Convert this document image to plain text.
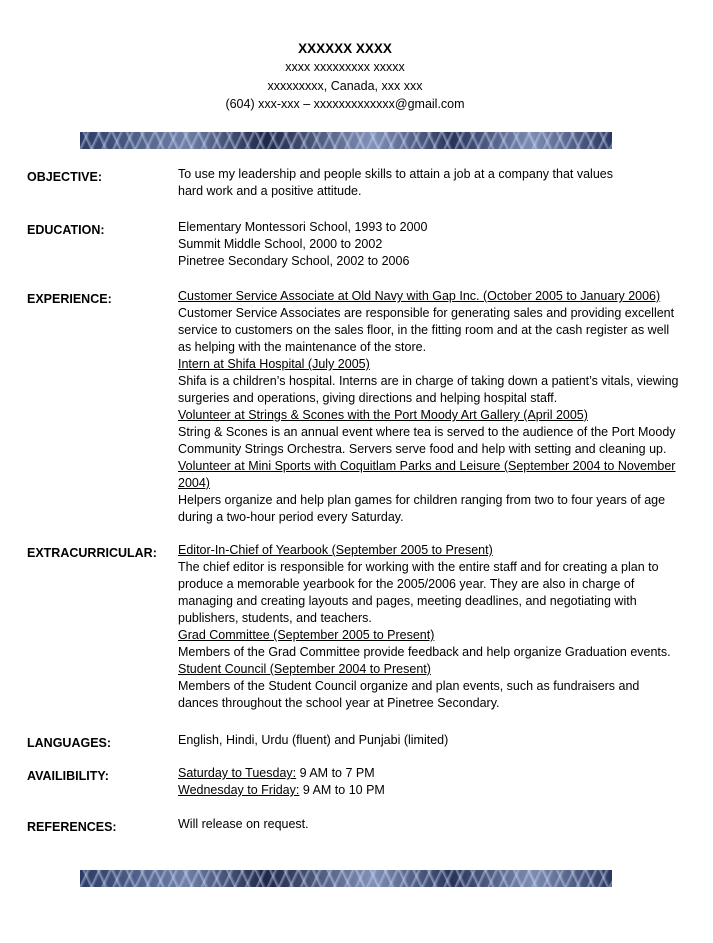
XXXXXX XXXX
xxxx xxxxxxxxx xxxxx
xxxxxxxxx, Canada, xxx xxx
(604) xxx-xxx – xxxxxxxxxxxxx@gmail.com
OBJECTIVE:	To use my leadership and people skills to attain a job at a company that values
hard work and a positive attitude.
EDUCATION:	Elementary Montessori School, 1993 to 2000
Summit Middle School, 2000 to 2002
Pinetree Secondary School, 2002 to 2006
EXPERIENCE:	Customer Service Associate at Old Navy with Gap Inc. (October 2005 to January 2006)
Customer Service Associates are responsible for generating sales and providing excellent
service to customers on the sales floor, in the fitting room and at the cash register as well
as helping with the maintenance of the store.
Intern at Shifa Hospital (July 2005)
Shifa is a children’s hospital. Interns are in charge of taking down a patient’s vitals, viewing
surgeries and operations, giving directions and helping hospital staff.
Volunteer at Strings & Scones with the Port Moody Art Gallery (April 2005)
String & Scones is an annual event where tea is served to the audience of the Port Moody
Community Strings Orchestra. Servers serve food and help with setting and cleaning up.
Volunteer at Mini Sports with Coquitlam Parks and Leisure (September 2004 to November
2004)
Helpers organize and help plan games for children ranging from two to four years of age
during a two-hour period every Saturday.
EXTRACURRICULAR: Editor-In-Chief of Yearbook (September 2005 to Present)
The chief editor is responsible for working with the entire staff and for creating a plan to
produce a memorable yearbook for the 2005/2006 year. They are also in charge of
managing and creating layouts and pages, meeting deadlines, and negotiating with
publishers, students, and teachers.
Grad Committee (September 2005 to Present)
Members of the Grad Committee provide feedback and help organize Graduation events.
Student Council (September 2004 to Present)
Members of the Student Council organize and plan events, such as fundraisers and
dances throughout the school year at Pinetree Secondary.
LANGUAGES:	English, Hindi, Urdu (fluent) and Punjabi (limited)
AVAILIBILITY:	Saturday to Tuesday: 9 AM to 7 PM
Wednesday to Friday: 9 AM to 10 PM
REFERENCES:	Will release on request.
